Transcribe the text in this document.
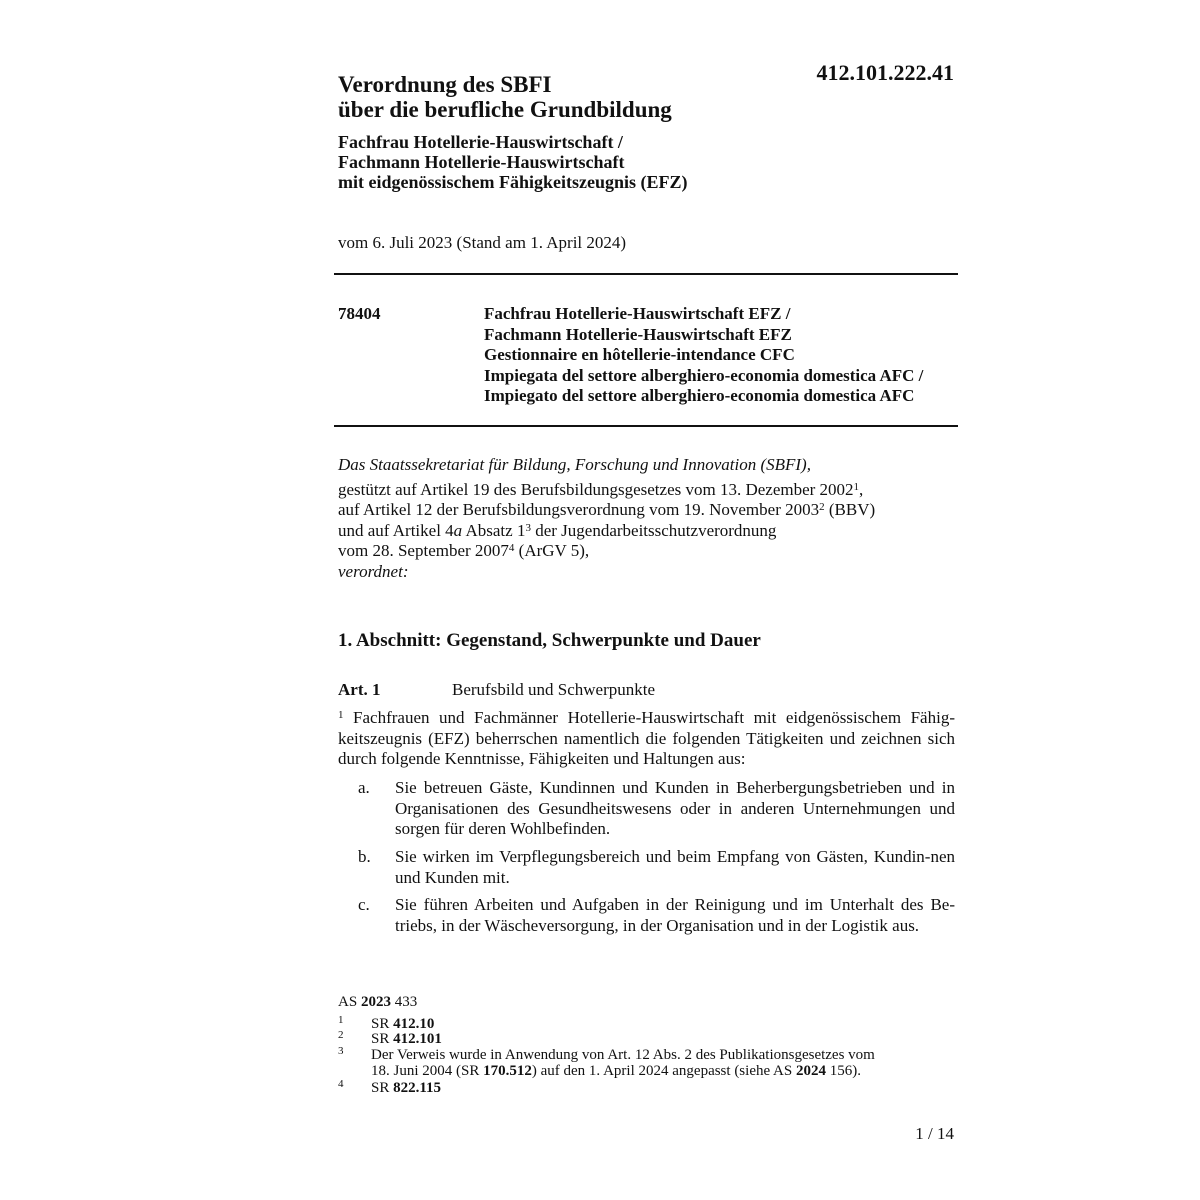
412.101.222.41
Verordnung des SBFI
über die berufliche Grundbildung
Fachfrau Hotellerie-Hauswirtschaft /
Fachmann Hotellerie-Hauswirtschaft
mit eidgenössischem Fähigkeitszeugnis (EFZ)
vom 6. Juli 2023 (Stand am 1. April 2024)
78404	Fachfrau Hotellerie-Hauswirtschaft EFZ /
Fachmann Hotellerie-Hauswirtschaft EFZ
Gestionnaire en hôtellerie-intendance CFC
Impiegata del settore alberghiero-economia domestica AFC /
Impiegato del settore alberghiero-economia domestica AFC
Das Staatssekretariat für Bildung, Forschung und Innovation (SBFI),
gestützt auf Artikel 19 des Berufsbildungsgesetzes vom 13. Dezember 2002$^1$,
auf Artikel 12 der Berufsbildungsverordnung vom 19. November 2003$^2$ (BBV)
und auf Artikel 4a Absatz $1^3$ der Jugendarbeitsschutzverordnung
vom 28. September 2007$^4$ (ArGV 5),
verordnet:
1. Abschnitt: Gegenstand, Schwerpunkte und Dauer
Art. 1	Berufsbild und Schwerpunkte
$^1$ Fachfrauen und Fachmänner Hotellerie-Hauswirtschaft mit eidgenössischem Fähig-keitszeugnis (EFZ) beherrschen namentlich die folgenden Tätigkeiten und zeichnen sich durch folgende Kenntnisse, Fähigkeiten und Haltungen aus:
a. Sie betreuen Gäste, Kundinnen und Kunden in Beherbergungsbetrieben und in Organisationen des Gesundheitswesens oder in anderen Unternehmungen und sorgen für deren Wohlbefinden.
b. Sie wirken im Verpflegungsbereich und beim Empfang von Gästen, Kundin-nen und Kunden mit.
c. Sie führen Arbeiten und Aufgaben in der Reinigung und im Unterhalt des Be-triebs, in der Wäscheversorgung, in der Organisation und in der Logistik aus.
AS 2023 433
1 SR 412.10
2 SR 412.101
3 Der Verweis wurde in Anwendung von Art. 12 Abs. 2 des Publikationsgesetzes vom
18. Juni 2004 (SR 170.512) auf den 1. April 2024 angepasst (siehe AS 2024 156).
4 SR 822.115
1 / 14
